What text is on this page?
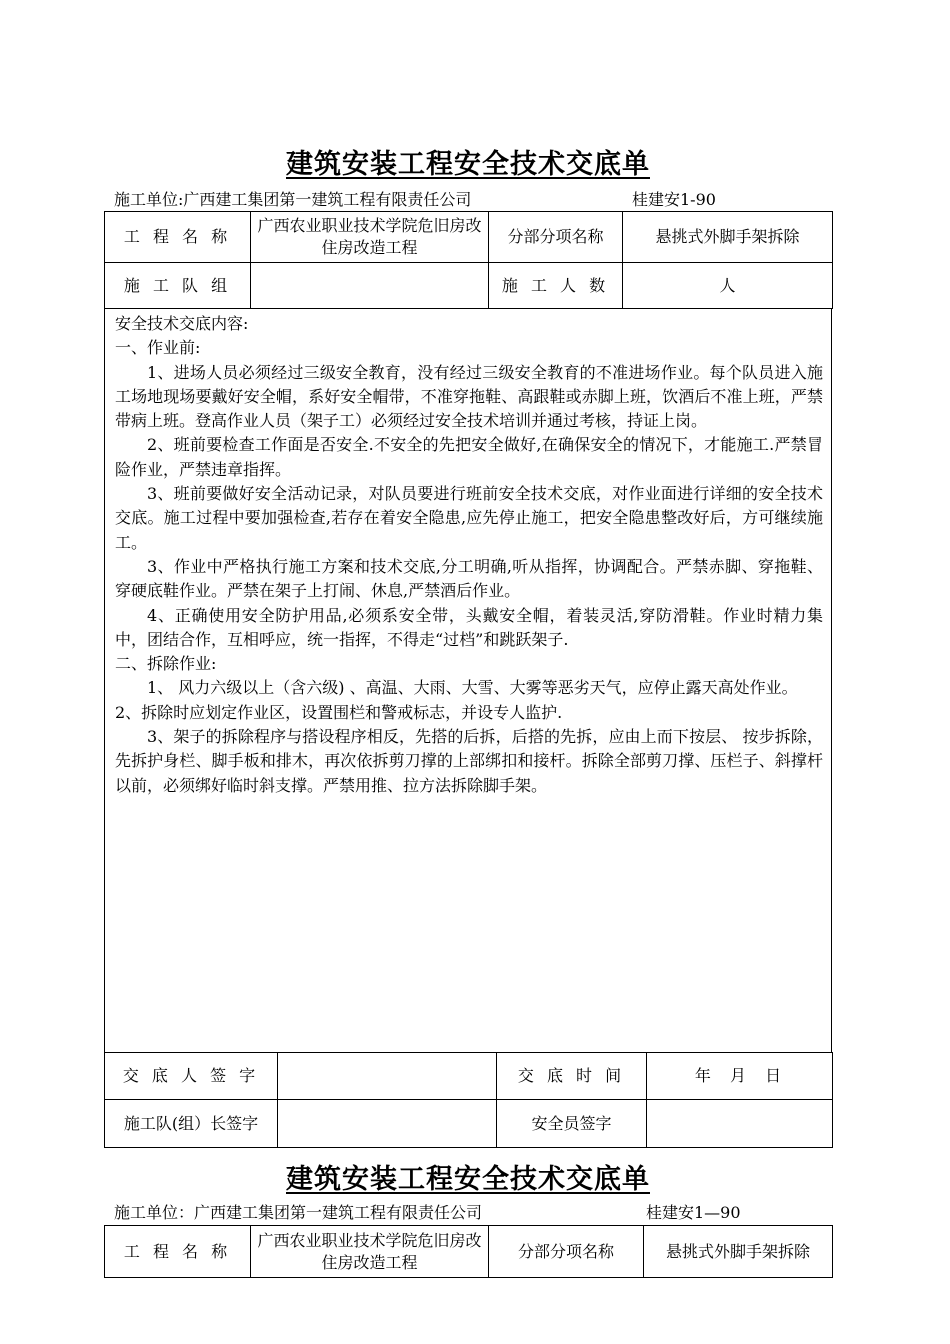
建筑安装工程安全技术交底单
施工单位:广西建工集团第一建筑工程有限责任公司	桂建安1-90
工 程 名 称	广西农业职业技术学院危旧房改住房改造工程	分部分项名称	悬挑式外脚手架拆除
施 工 队 组		施 工 人 数	人

安全技术交底内容:

一、作业前:

1、进场人员必须经过三级安全教育，没有经过三级安全教育的不准进场作业。每个队员进入施工场地现场要戴好安全帽，系好安全帽带，不准穿拖鞋、高跟鞋或赤脚上班，饮酒后不准上班，严禁带病上班。登高作业人员（架子工）必须经过安全技术培训并通过考核，持证上岗。

2、班前要检查工作面是否安全.不安全的先把安全做好,在确保安全的情况下，才能施工.严禁冒险作业，严禁违章指挥。

3、班前要做好安全活动记录，对队员要进行班前安全技术交底，对作业面进行详细的安全技术交底。施工过程中要加强检查,若存在着安全隐患,应先停止施工，把安全隐患整改好后，方可继续施工。

3、作业中严格执行施工方案和技术交底,分工明确,听从指挥，协调配合。严禁赤脚、穿拖鞋、穿硬底鞋作业。严禁在架子上打闹、休息,严禁酒后作业。

4、正确使用安全防护用品,必须系安全带，头戴安全帽，着装灵活,穿防滑鞋。作业时精力集中，团结合作，互相呼应，统一指挥，不得走“过档”和跳跃架子.

二、拆除作业:

1、 风力六级以上（含六级) 、高温、大雨、大雪、大雾等恶劣天气，应停止露天高处作业。

2、拆除时应划定作业区，设置围栏和警戒标志，并设专人监护.

3、架子的拆除程序与搭设程序相反，先搭的后拆，后搭的先拆，应由上而下按层、 按步拆除，先拆护身栏、脚手板和排木，再次依拆剪刀撑的上部绑扣和接杆。拆除全部剪刀撑、压栏子、斜撑杆以前，必须绑好临时斜支撑。严禁用推、拉方法拆除脚手架。

交 底 人 签 字		交 底 时 间	年  月  日
施工队(组）长签字		安全员签字	
建筑安装工程安全技术交底单
施工单位：广西建工集团第一建筑工程有限责任公司	桂建安1—90
工 程 名 称	广西农业职业技术学院危旧房改住房改造工程	分部分项名称	悬挑式外脚手架拆除
